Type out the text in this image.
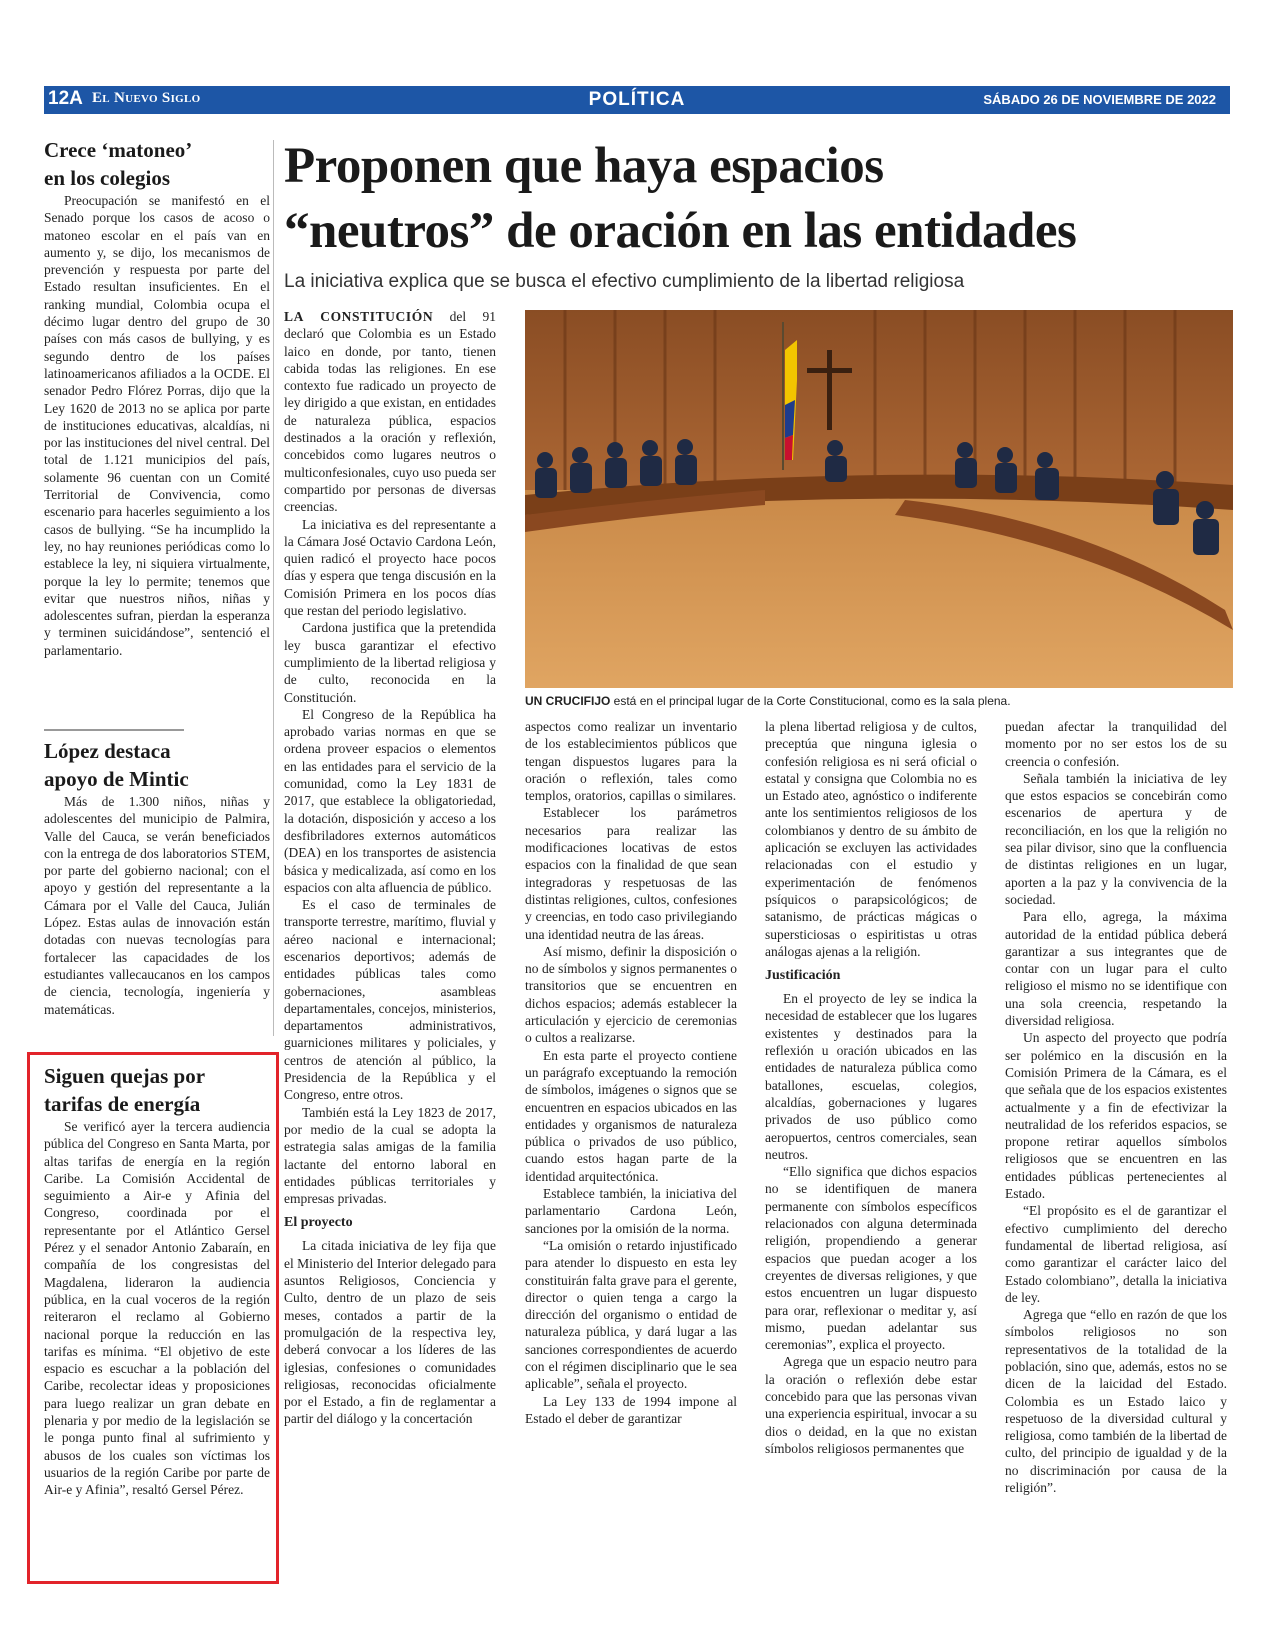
12A El Nuevo Siglo	POLÍTICA	SÁBADO 26 DE NOVIEMBRE DE 2022
Crece ‘matoneo’
en los colegios

Preocupación se manifestó en el Senado porque los casos de acoso o matoneo escolar en el país van en aumento y, se dijo, los mecanismos de prevención y respuesta por parte del Estado resultan insuficientes. En el ranking mundial, Colombia ocupa el décimo lugar dentro del grupo de 30 países con más casos de bullying, y es segundo dentro de los países latinoamericanos afiliados a la OCDE. El senador Pedro Flórez Porras, dijo que la Ley 1620 de 2013 no se aplica por parte de instituciones educativas, alcaldías, ni por las instituciones del nivel central. Del total de 1.121 municipios del país, solamente 96 cuentan con un Comité Territorial de Convivencia, como escenario para hacerles seguimiento a los casos de bullying. “Se ha incumplido la ley, no hay reuniones periódicas como lo establece la ley, ni siquiera virtualmente, porque la ley lo permite; tenemos que evitar que nuestros niños, niñas y adolescentes sufran, pierdan la esperanza y terminen suicidándose”, sentenció el parlamentario.

López destaca
apoyo de Mintic

Más de 1.300 niños, niñas y adolescentes del municipio de Palmira, Valle del Cauca, se verán beneficiados con la entrega de dos laboratorios STEM, por parte del gobierno nacional; con el apoyo y gestión del representante a la Cámara por el Valle del Cauca, Julián López. Estas aulas de innovación están dotadas con nuevas tecnologías para fortalecer las capacidades de los estudiantes vallecaucanos en los campos de ciencia, tecnología, ingeniería y matemáticas.

Siguen quejas por
tarifas de energía

Se verificó ayer la tercera audiencia pública del Congreso en Santa Marta, por altas tarifas de energía en la región Caribe. La Comisión Accidental de seguimiento a Air-e y Afinia del Congreso, coordinada por el representante por el Atlántico Gersel Pérez y el senador Antonio Zabaraín, en compañía de los congresistas del Magdalena, lideraron la audiencia pública, en la cual voceros de la región reiteraron el reclamo al Gobierno nacional porque la reducción en las tarifas es mínima. “El objetivo de este espacio es escuchar a la población del Caribe, recolectar ideas y proposiciones para luego realizar un gran debate en plenaria y por medio de la legislación se le ponga punto final al sufrimiento y abusos de los cuales son víctimas los usuarios de la región Caribe por parte de Air-e y Afinia”, resaltó Gersel Pérez.

Proponen que haya espacios
“neutros” de oración en las entidades
La iniciativa explica que se busca el efectivo cumplimiento de la libertad religiosa

LA CONSTITUCIÓN del 91 declaró que Colombia es un Estado laico en donde, por tanto, tienen cabida todas las religiones. En ese contexto fue radicado un proyecto de ley dirigido a que existan, en entidades de naturaleza pública, espacios destinados a la oración y reflexión, concebidos como lugares neutros o multiconfesionales, cuyo uso pueda ser compartido por personas de diversas creencias.

La iniciativa es del representante a la Cámara José Octavio Cardona León, quien radicó el proyecto hace pocos días y espera que tenga discusión en la Comisión Primera en los pocos días que restan del periodo legislativo.

Cardona justifica que la pretendida ley busca garantizar el efectivo cumplimiento de la libertad religiosa y de culto, reconocida en la Constitución.

El Congreso de la República ha aprobado varias normas en que se ordena proveer espacios o elementos en las entidades para el servicio de la comunidad, como la Ley 1831 de 2017, que establece la obligatoriedad, la dotación, disposición y acceso a los desfibriladores externos automáticos (DEA) en los transportes de asistencia básica y medicalizada, así como en los espacios con alta afluencia de público.

Es el caso de terminales de transporte terrestre, marítimo, fluvial y aéreo nacional e internacional; escenarios deportivos; además de entidades públicas tales como gobernaciones, asambleas departamentales, concejos, ministerios, departamentos administrativos, guarniciones militares y policiales, y centros de atención al público, la Presidencia de la República y el Congreso, entre otros.

También está la Ley 1823 de 2017, por medio de la cual se adopta la estrategia salas amigas de la familia lactante del entorno laboral en entidades públicas territoriales y empresas privadas.

El proyecto

La citada iniciativa de ley fija que el Ministerio del Interior delegado para asuntos Religiosos, Conciencia y Culto, dentro de un plazo de seis meses, contados a partir de la promulgación de la respectiva ley, deberá convocar a los líderes de las iglesias, confesiones o comunidades religiosas, reconocidas oficialmente por el Estado, a fin de reglamentar a partir del diálogo y la concertación

UN CRUCIFIJO está en el principal lugar de la Corte Constitucional, como es la sala plena.

aspectos como realizar un inventario de los establecimientos públicos que tengan dispuestos lugares para la oración o reflexión, tales como templos, oratorios, capillas o similares.

Establecer los parámetros necesarios para realizar las modificaciones locativas de estos espacios con la finalidad de que sean integradoras y respetuosas de las distintas religiones, cultos, confesiones y creencias, en todo caso privilegiando una identidad neutra de las áreas.

Así mismo, definir la disposición o no de símbolos y signos permanentes o transitorios que se encuentren en dichos espacios; además establecer la articulación y ejercicio de ceremonias o cultos a realizarse.

En esta parte el proyecto contiene un parágrafo exceptuando la remoción de símbolos, imágenes o signos que se encuentren en espacios ubicados en las entidades y organismos de naturaleza pública o privados de uso público, cuando estos hagan parte de la identidad arquitectónica.

Establece también, la iniciativa del parlamentario Cardona León, sanciones por la omisión de la norma.

“La omisión o retardo injustificado para atender lo dispuesto en esta ley constituirán falta grave para el gerente, director o quien tenga a cargo la dirección del organismo o entidad de naturaleza pública, y dará lugar a las sanciones correspondientes de acuerdo con el régimen disciplinario que le sea aplicable”, señala el proyecto.

La Ley 133 de 1994 impone al Estado el deber de garantizar

la plena libertad religiosa y de cultos, preceptúa que ninguna iglesia o confesión religiosa es ni será oficial o estatal y consigna que Colombia no es un Estado ateo, agnóstico o indiferente ante los sentimientos religiosos de los colombianos y dentro de su ámbito de aplicación se excluyen las actividades relacionadas con el estudio y experimentación de fenómenos psíquicos o parapsicológicos; de satanismo, de prácticas mágicas o supersticiosas o espiritistas u otras análogas ajenas a la religión.

Justificación

En el proyecto de ley se indica la necesidad de establecer que los lugares existentes y destinados para la reflexión u oración ubicados en las entidades de naturaleza pública como batallones, escuelas, colegios, alcaldías, gobernaciones y lugares privados de uso público como aeropuertos, centros comerciales, sean neutros.

“Ello significa que dichos espacios no se identifiquen de manera permanente con símbolos específicos relacionados con alguna determinada religión, propendiendo a generar espacios que puedan acoger a los creyentes de diversas religiones, y que estos encuentren un lugar dispuesto para orar, reflexionar o meditar y, así mismo, puedan adelantar sus ceremonias”, explica el proyecto.

Agrega que un espacio neutro para la oración o reflexión debe estar concebido para que las personas vivan una experiencia espiritual, invocar a su dios o deidad, en la que no existan símbolos religiosos permanentes que

puedan afectar la tranquilidad del momento por no ser estos los de su creencia o confesión.

Señala también la iniciativa de ley que estos espacios se concebirán como escenarios de apertura y de reconciliación, en los que la religión no sea pilar divisor, sino que la confluencia de distintas religiones en un lugar, aporten a la paz y la convivencia de la sociedad.

Para ello, agrega, la máxima autoridad de la entidad pública deberá garantizar a sus integrantes que de contar con un lugar para el culto religioso el mismo no se identifique con una sola creencia, respetando la diversidad religiosa.

Un aspecto del proyecto que podría ser polémico en la discusión en la Comisión Primera de la Cámara, es el que señala que de los espacios existentes actualmente y a fin de efectivizar la neutralidad de los referidos espacios, se propone retirar aquellos símbolos religiosos que se encuentren en las entidades públicas pertenecientes al Estado.

“El propósito es el de garantizar el efectivo cumplimiento del derecho fundamental de libertad religiosa, así como garantizar el carácter laico del Estado colombiano”, detalla la iniciativa de ley.

Agrega que “ello en razón de que los símbolos religiosos no son representativos de la totalidad de la población, sino que, además, estos no se dicen de la laicidad del Estado. Colombia es un Estado laico y respetuoso de la diversidad cultural y religiosa, como también de la libertad de culto, del principio de igualdad y de la no discriminación por causa de la religión”.
